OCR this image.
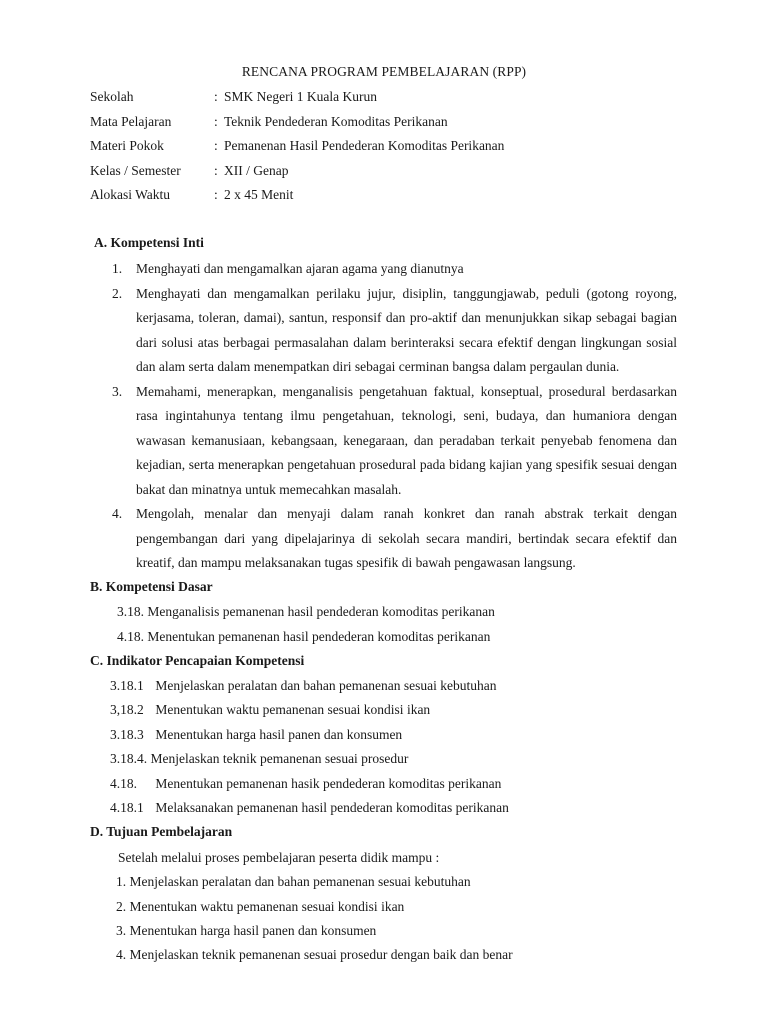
RENCANA PROGRAM PEMBELAJARAN (RPP)
Sekolah	: SMK Negeri 1 Kuala Kurun
Mata Pelajaran	: Teknik Pendederan Komoditas Perikanan
Materi Pokok	: Pemanenan Hasil Pendederan Komoditas Perikanan
Kelas / Semester : XII / Genap
Alokasi Waktu	: 2 x 45 Menit
A. Kompetensi Inti
1. Menghayati dan mengamalkan ajaran agama yang dianutnya
2. Menghayati dan mengamalkan perilaku jujur, disiplin, tanggungjawab, peduli (gotong royong, kerjasama, toleran, damai), santun, responsif dan pro-aktif dan menunjukkan sikap sebagai bagian dari solusi atas berbagai permasalahan dalam berinteraksi secara efektif dengan lingkungan sosial dan alam serta dalam menempatkan diri sebagai cerminan bangsa dalam pergaulan dunia.
3. Memahami, menerapkan, menganalisis pengetahuan faktual, konseptual, prosedural berdasarkan rasa ingintahunya tentang ilmu pengetahuan, teknologi, seni, budaya, dan humaniora dengan wawasan kemanusiaan, kebangsaan, kenegaraan, dan peradaban terkait penyebab fenomena dan kejadian, serta menerapkan pengetahuan prosedural pada bidang kajian yang spesifik sesuai dengan bakat dan minatnya untuk memecahkan masalah.
4. Mengolah, menalar dan menyaji dalam ranah konkret dan ranah abstrak terkait dengan pengembangan dari yang dipelajarinya di sekolah secara mandiri, bertindak secara efektif dan kreatif, dan mampu melaksanakan tugas spesifik di bawah pengawasan langsung.
B. Kompetensi Dasar
3.18. Menganalisis pemanenan hasil pendederan komoditas perikanan
4.18. Menentukan pemanenan hasil pendederan komoditas perikanan
C. Indikator Pencapaian Kompetensi
3.18.1 Menjelaskan peralatan dan bahan pemanenan sesuai kebutuhan
3,18.2 Menentukan waktu pemanenan sesuai kondisi ikan
3.18.3 Menentukan harga hasil panen dan konsumen
3.18.4. Menjelaskan teknik pemanenan sesuai prosedur
4.18. Menentukan pemanenan hasik pendederan komoditas perikanan
4.18.1 Melaksanakan pemanenan hasil pendederan komoditas perikanan
D. Tujuan Pembelajaran
Setelah melalui proses pembelajaran peserta didik mampu :
1. Menjelaskan peralatan dan bahan pemanenan sesuai kebutuhan
2. Menentukan waktu pemanenan sesuai kondisi ikan
3. Menentukan harga hasil panen dan konsumen
4. Menjelaskan teknik pemanenan sesuai prosedur dengan baik dan benar
